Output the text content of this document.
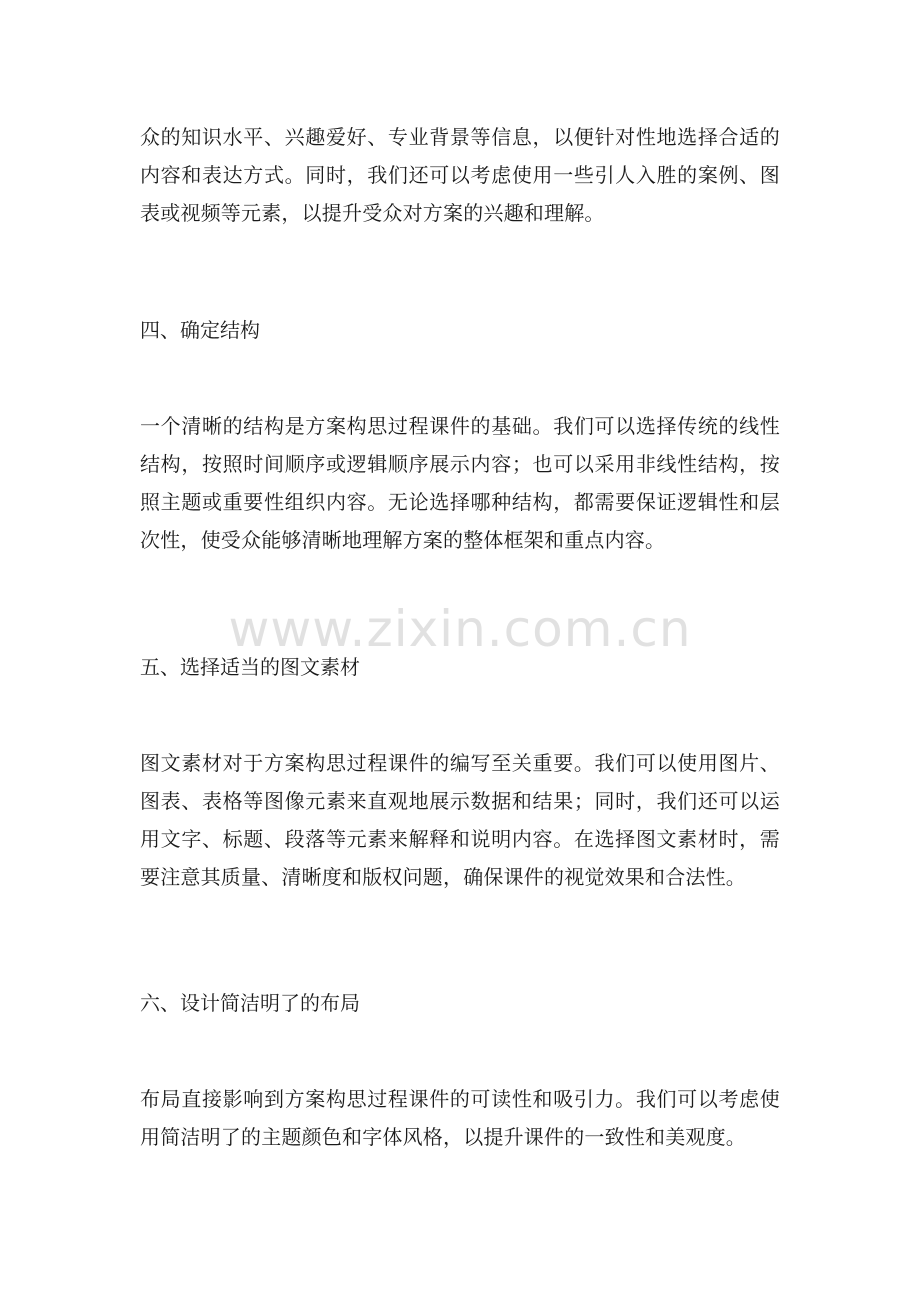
众的知识水平、兴趣爱好、专业背景等信息，以便针对性地选择合适的内容和表达方式。同时，我们还可以考虑使用一些引人入胜的案例、图表或视频等元素，以提升受众对方案的兴趣和理解。
四、确定结构
一个清晰的结构是方案构思过程课件的基础。我们可以选择传统的线性结构，按照时间顺序或逻辑顺序展示内容；也可以采用非线性结构，按照主题或重要性组织内容。无论选择哪种结构，都需要保证逻辑性和层次性，使受众能够清晰地理解方案的整体框架和重点内容。
五、选择适当的图文素材
图文素材对于方案构思过程课件的编写至关重要。我们可以使用图片、图表、表格等图像元素来直观地展示数据和结果；同时，我们还可以运用文字、标题、段落等元素来解释和说明内容。在选择图文素材时，需要注意其质量、清晰度和版权问题，确保课件的视觉效果和合法性。
六、设计简洁明了的布局
布局直接影响到方案构思过程课件的可读性和吸引力。我们可以考虑使用简洁明了的主题颜色和字体风格，以提升课件的一致性和美观度。
www.zixin.com.cn
